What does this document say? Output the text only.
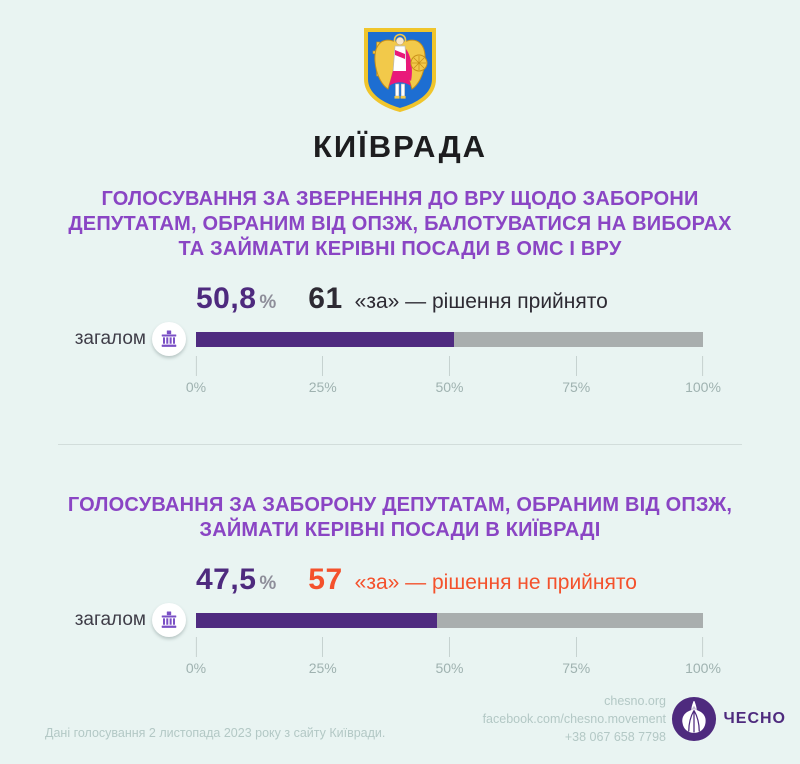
КИЇВРАДА
ГОЛОСУВАННЯ ЗА ЗВЕРНЕННЯ ДО ВРУ ЩОДО ЗАБОРОНИ ДЕПУТАТАМ, ОБРАНИМ ВІД ОПЗЖ, БАЛОТУВАТИСЯ НА ВИБОРАХ ТА ЗАЙМАТИ КЕРІВНІ ПОСАДИ В ОМС І ВРУ
50,8 % 61 «за» — рішення прийнято
загалом
0%	25%	50%	75%	100%
ГОЛОСУВАННЯ ЗА ЗАБОРОНУ ДЕПУТАТАМ, ОБРАНИМ ВІД ОПЗЖ, ЗАЙМАТИ КЕРІВНІ ПОСАДИ В КИЇВРАДІ
47,5 % 57 «за» — рішення не прийнято
загалом
0%	25%	50%	75%	100%
Дані голосування 2 листопада 2023 року з сайту Київради.
chesno.org
facebook.com/chesno.movement
+38 067 658 7798
ЧЕСНО
